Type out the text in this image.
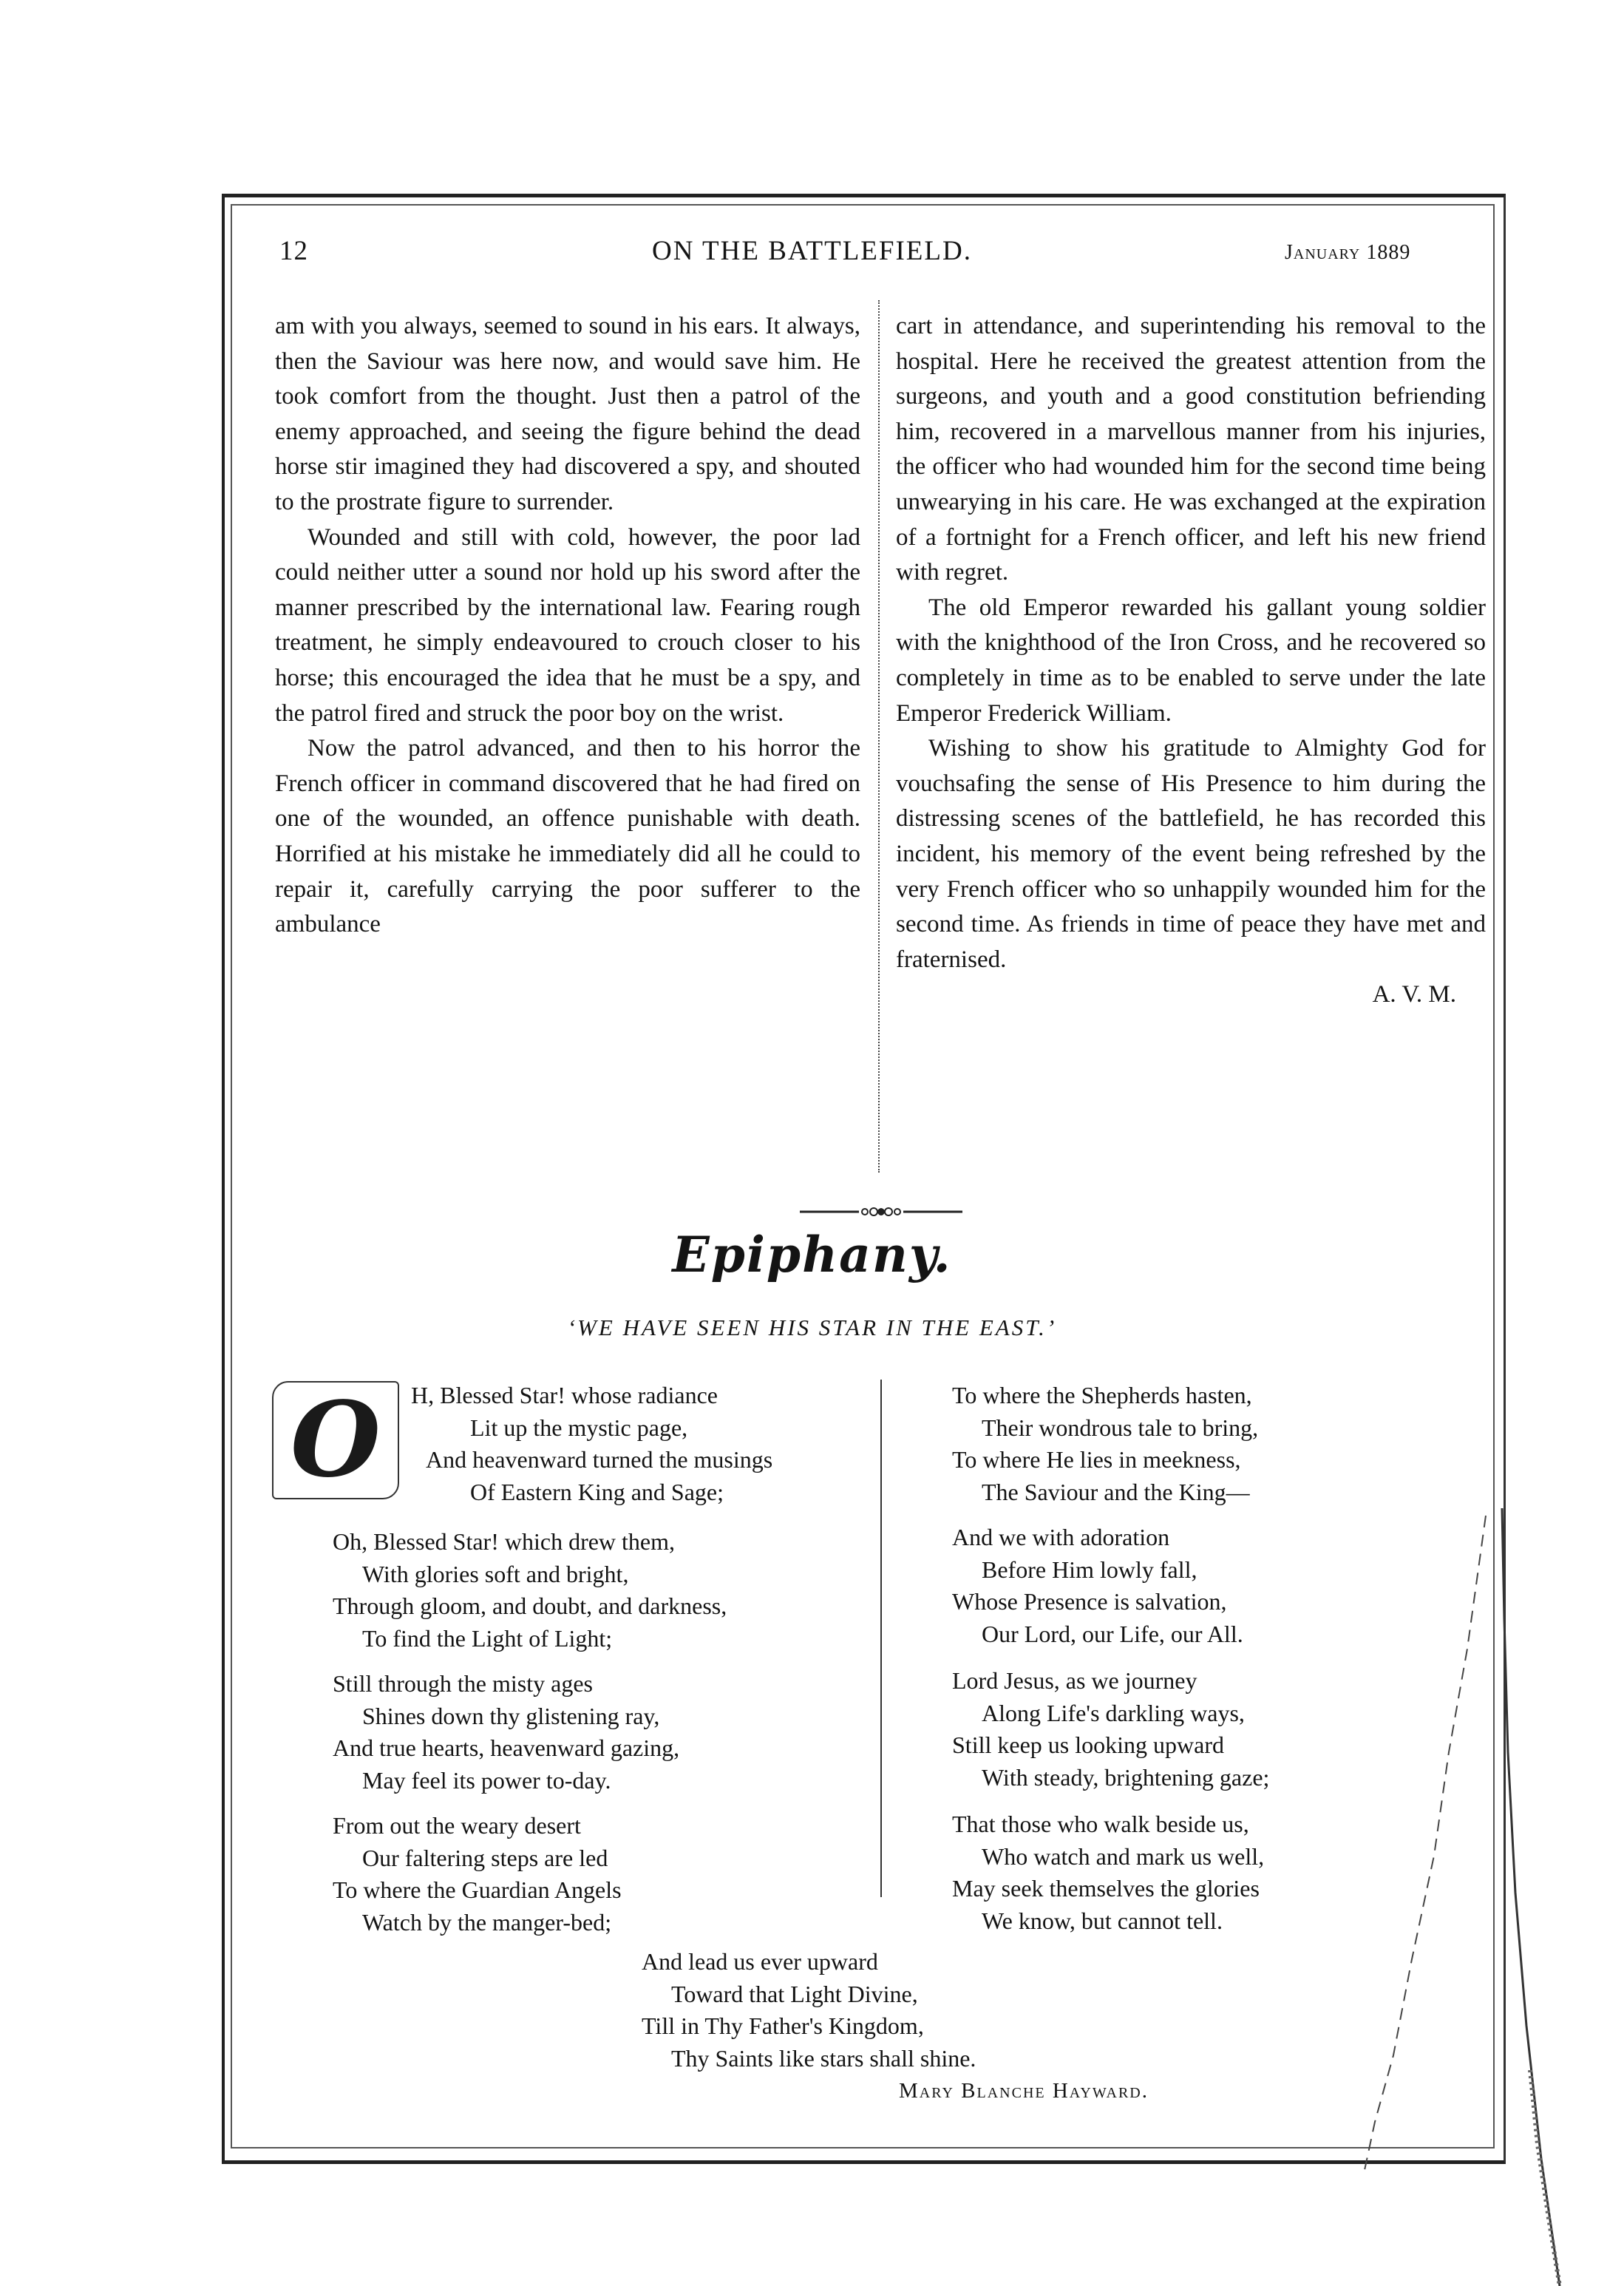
12	ON THE BATTLEFIELD.	January 1889

am with you always, seemed to sound in his ears. It always, then the Saviour was here now, and would save him. He took comfort from the thought. Just then a patrol of the enemy approached, and seeing the figure behind the dead horse stir imagined they had discovered a spy, and shouted to the prostrate figure to surrender.

Wounded and still with cold, however, the poor lad could neither utter a sound nor hold up his sword after the manner prescribed by the international law. Fearing rough treatment, he simply endeavoured to crouch closer to his horse; this encouraged the idea that he must be a spy, and the patrol fired and struck the poor boy on the wrist.

Now the patrol advanced, and then to his horror the French officer in command discovered that he had fired on one of the wounded, an offence punishable with death. Horrified at his mistake he immediately did all he could to repair it, carefully carrying the poor sufferer to the ambulance

cart in attendance, and superintending his removal to the hospital. Here he received the greatest attention from the surgeons, and youth and a good constitution befriending him, recovered in a marvellous manner from his injuries, the officer who had wounded him for the second time being unwearying in his care. He was exchanged at the expiration of a fortnight for a French officer, and left his new friend with regret.

The old Emperor rewarded his gallant young soldier with the knighthood of the Iron Cross, and he recovered so completely in time as to be enabled to serve under the late Emperor Frederick William.

Wishing to show his gratitude to Almighty God for vouchsafing the sense of His Presence to him during the distressing scenes of the battlefield, he has recorded this incident, his memory of the event being refreshed by the very French officer who so unhappily wounded him for the second time. As friends in time of peace they have met and fraternised.

A. V. M.

Epiphany.
‘WE HAVE SEEN HIS STAR IN THE EAST.’
O	H, Blessed Star! whose radiance
Lit up the mystic page,
And heavenward turned the musings
Of Eastern King and Sage;
Oh, Blessed Star! which drew them,
With glories soft and bright,
Through gloom, and doubt, and darkness,
To find the Light of Light;
Still through the misty ages
Shines down thy glistening ray,
And true hearts, heavenward gazing,
May feel its power to-day.
From out the weary desert
Our faltering steps are led
To where the Guardian Angels
Watch by the manger-bed;
To where the Shepherds hasten,
Their wondrous tale to bring,
To where He lies in meekness,
The Saviour and the King—
And we with adoration
Before Him lowly fall,
Whose Presence is salvation,
Our Lord, our Life, our All.
Lord Jesus, as we journey
Along Life's darkling ways,
Still keep us looking upward
With steady, brightening gaze;
That those who walk beside us,
Who watch and mark us well,
May seek themselves the glories
We know, but cannot tell.
And lead us ever upward
Toward that Light Divine,
Till in Thy Father's Kingdom,
Thy Saints like stars shall shine.
Mary Blanche Hayward.
